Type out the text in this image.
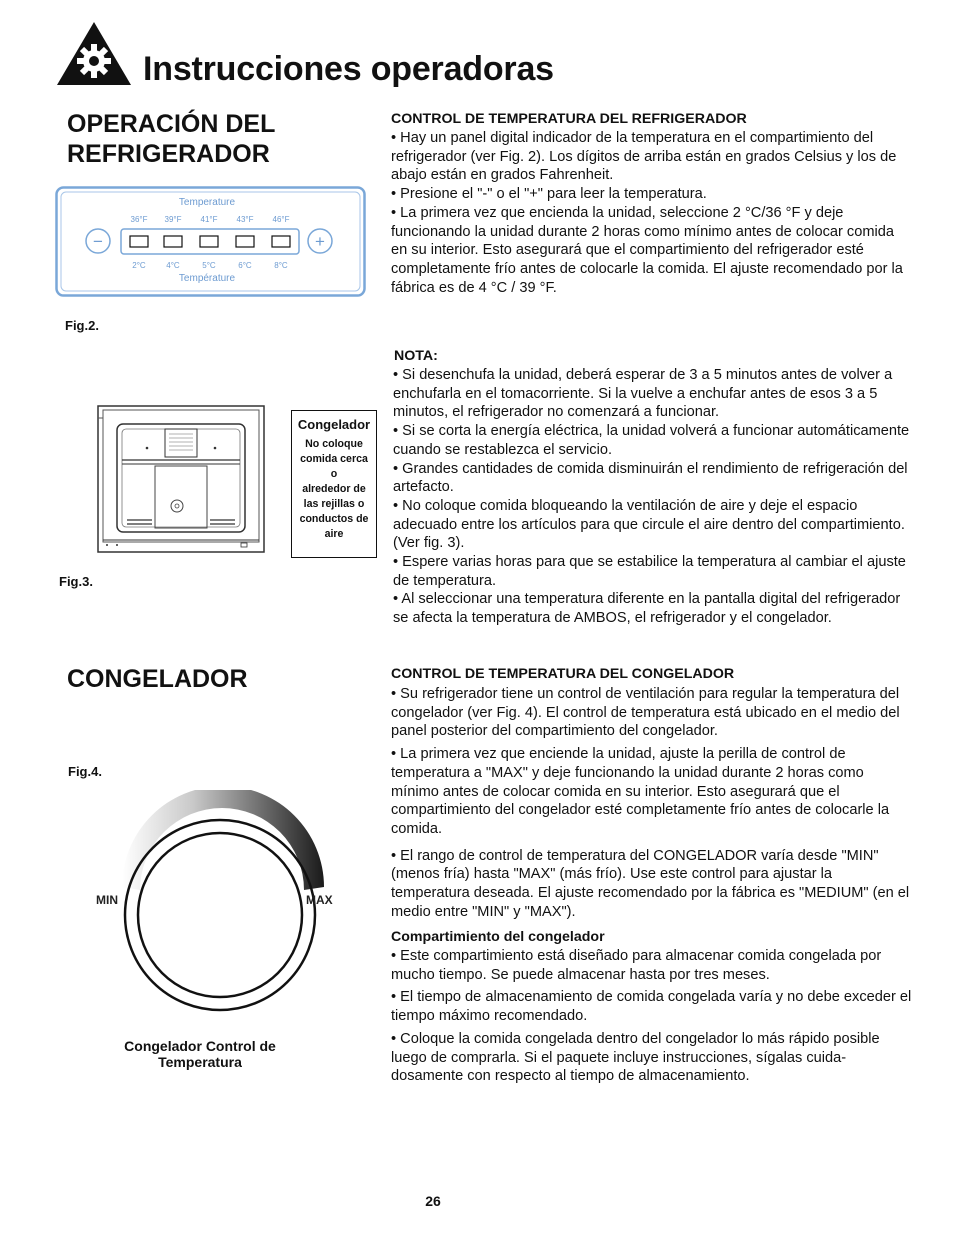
Instrucciones operadoras
OPERACIÓN DEL
REFRIGERADOR
Temperature
Température
36°F 39°F 41°F 43°F 46°F
2°C	4°C	5°C	6°C	8°C
−	+
Fig.2.
Congelador
No coloque
comida cerca
o
alrededor de
las rejillas o
conductos de
aire
Fig.3.
CONTROL DE TEMPERATURA DEL REFRIGERADOR

• Hay un panel digital indicador de la temperatura en el compartimiento del refrigerador (ver Fig. 2). Los dígitos de arriba están en grados Celsius y los de abajo están en grados Fahrenheit.

• Presione el "-" o el "+" para leer la temperatura.

• La primera vez que encienda la unidad, seleccione 2 °C/36 °F y deje funcionando la unidad durante 2 horas como mínimo antes de colocar comida en su interior. Esto asegurará que el compartimiento del refrigerador esté completamente frío antes de colocarle la comida. El ajuste recomendado por la fábrica es de 4 °C / 39 °F.

NOTA:

• Si desenchufa la unidad, deberá esperar de 3 a 5 minutos antes de volver a enchufarla en el tomacorriente. Si la vuelve a enchufar antes de esos 3 a 5 minutos, el refrigerador no comenzará a funcionar.

• Si se corta la energía eléctrica, la unidad volverá a funcionar automáticamente cuando se restablezca el servicio.

• Grandes cantidades de comida disminuirán el rendimiento de refrigeración del artefacto.

• No coloque comida bloqueando la ventilación de aire y deje el espacio adecuado entre los artículos para que circule el aire dentro del compartimiento. (Ver fig. 3).

• Espere varias horas para que se estabilice la temperatura al cambiar el ajuste de temperatura.

• Al seleccionar una temperatura diferente en la pantalla digital del refrigerador se afecta la temperatura de AMBOS, el refrigerador y el congelador.

CONGELADOR
Fig.4.
MIN	MAX
Congelador Control de
Temperatura
CONTROL DE TEMPERATURA DEL CONGELADOR

• Su refrigerador tiene un control de ventilación para regular la temperatura del congelador (ver Fig. 4). El control de temperatura está ubicado en el medio del panel posterior del compartimiento del congelador.

• La primera vez que enciende la unidad, ajuste la perilla de control de temperatura a "MAX" y deje funcionando la unidad durante 2 horas como mínimo antes de colocar comida en su interior. Esto asegurará que el compartimiento del congelador esté completamente frío antes de colocarle la comida.

• El rango de control de temperatura del CONGELADOR varía desde "MIN" (menos fría) hasta "MAX" (más frío). Use este control para ajustar la temperatura deseada. El ajuste recomendado por la fábrica es "MEDIUM" (en el medio entre "MIN" y "MAX").

Compartimiento del congelador

• Este compartimiento está diseñado para almacenar comida congelada por mucho tiempo. Se puede almacenar hasta por tres meses.

• El tiempo de almacenamiento de comida congelada varía y no debe exceder el tiempo máximo recomendado.

• Coloque la comida congelada dentro del congelador lo más rápido posible luego de comprarla. Si el paquete incluye instrucciones, sígalas cuidadosamente con respecto al tiempo de almacenamiento.

26
